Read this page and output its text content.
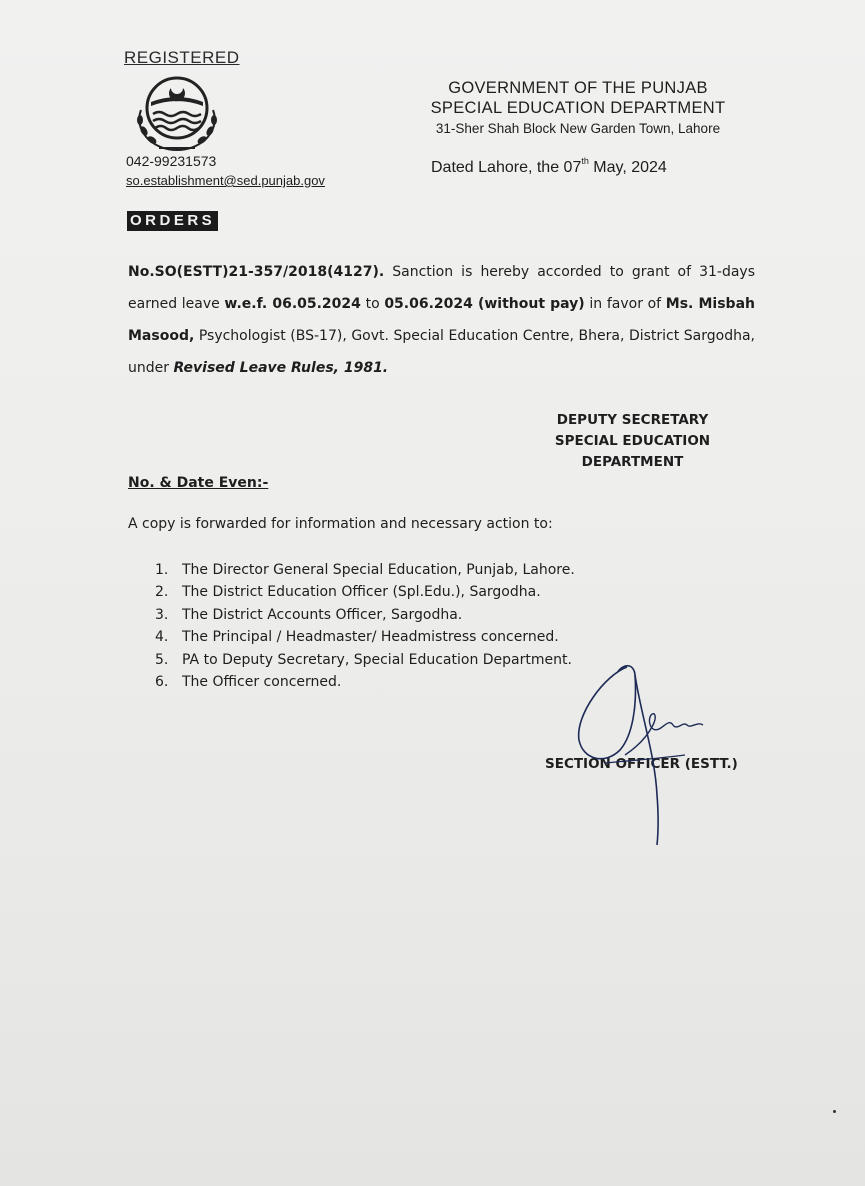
REGISTERED
GOVERNMENT OF THE PUNJAB
SPECIAL EDUCATION DEPARTMENT
31-Sher Shah Block New Garden Town, Lahore
042-99231573
so.establishment@sed.punjab.gov
Dated Lahore, the 07th May, 2024
ORDERS
No.SO(ESTT)21-357/2018(4127). Sanction is hereby accorded to grant of 31-days earned leave w.e.f. 06.05.2024 to 05.06.2024 (without pay) in favor of Ms. Misbah Masood, Psychologist (BS-17), Govt. Special Education Centre, Bhera, District Sargodha, under Revised Leave Rules, 1981.
DEPUTY SECRETARY
SPECIAL EDUCATION
DEPARTMENT
No. & Date Even:-
A copy is forwarded for information and necessary action to:
1. The Director General Special Education, Punjab, Lahore.
2. The District Education Officer (Spl.Edu.), Sargodha.
3. The District Accounts Officer, Sargodha.
4. The Principal / Headmaster/ Headmistress concerned.
5. PA to Deputy Secretary, Special Education Department.
6. The Officer concerned.
SECTION OFFICER (ESTT.)
